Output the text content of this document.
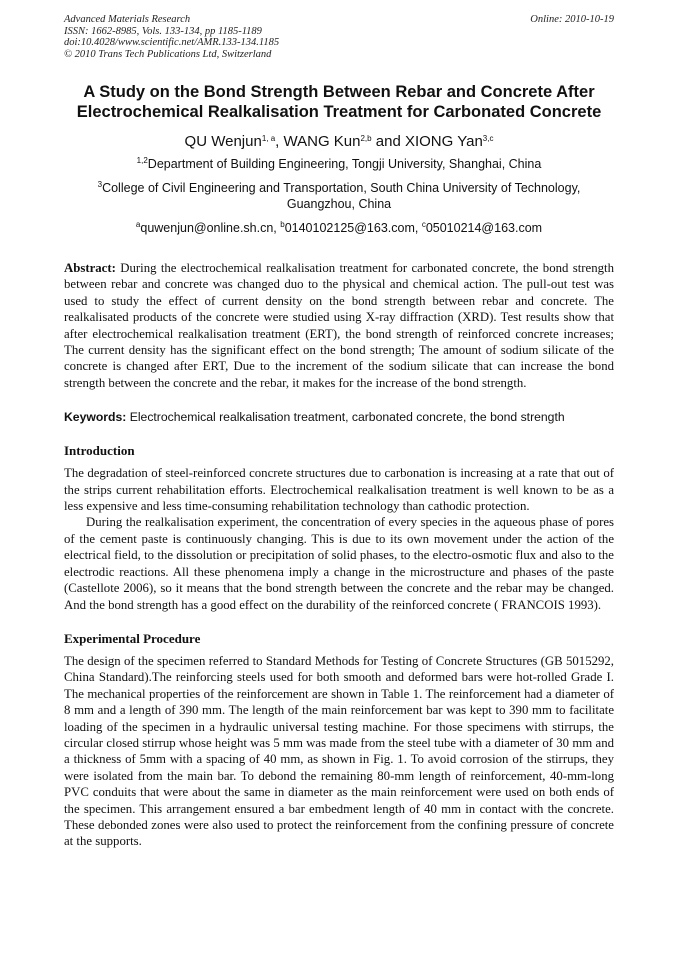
Advanced Materials Research
ISSN: 1662-8985, Vols. 133-134, pp 1185-1189
doi:10.4028/www.scientific.net/AMR.133-134.1185
© 2010 Trans Tech Publications Ltd, Switzerland
Online: 2010-10-19
A Study on the Bond Strength Between Rebar and Concrete After
Electrochemical Realkalisation Treatment for Carbonated Concrete
QU Wenjun$^{1, a}$, WANG Kun$^{2,b}$ and XIONG Yan$^{3,c}$
$^{1,2}$Department of Building Engineering, Tongji University, Shanghai, China
$^3$College of Civil Engineering and Transportation, South China University of Technology,
Guangzhou, China
$^a$quwenjun@online.sh.cn, $^b$0140102125@163.com, $^c$05010214@163.com
Abstract: During the electrochemical realkalisation treatment for carbonated concrete, the bond strength between rebar and concrete was changed duo to the physical and chemical action. The pull-out test was used to study the effect of current density on the bond strength between rebar and concrete. The realkalisated products of the concrete were studied using X-ray diffraction (XRD). Test results show that after electrochemical realkalisation treatment (ERT), the bond strength of reinforced concrete increases; The current density has the significant effect on the bond strength; The amount of sodium silicate of the concrete is changed after ERT, Due to the increment of the sodium silicate that can increase the bond strength between the concrete and the rebar, it makes for the increase of the bond strength.
Keywords: Electrochemical realkalisation treatment, carbonated concrete, the bond strength
Introduction
The degradation of steel-reinforced concrete structures due to carbonation is increasing at a rate that out of the strips current rehabilitation efforts. Electrochemical realkalisation treatment is well known to be as a less expensive and less time-consuming rehabilitation technology than cathodic protection.
During the realkalisation experiment, the concentration of every species in the aqueous phase of pores of the cement paste is continuously changing. This is due to its own movement under the action of the electrical field, to the dissolution or precipitation of solid phases, to the electro-osmotic flux and also to the electrodic reactions. All these phenomena imply a change in the microstructure and phases of the paste (Castellote 2006), so it means that the bond strength between the concrete and the rebar may be changed. And the bond strength has a good effect on the durability of the reinforced concrete ( FRANCOIS 1993).
Experimental Procedure
The design of the specimen referred to Standard Methods for Testing of Concrete Structures (GB 5015292, China Standard).The reinforcing steels used for both smooth and deformed bars were hot-rolled Grade I. The mechanical properties of the reinforcement are shown in Table 1. The reinforcement had a diameter of 8 mm and a length of 390 mm. The length of the main reinforcement bar was kept to 390 mm to facilitate loading of the specimen in a hydraulic universal testing machine. For those specimens with stirrups, the circular closed stirrup whose height was 5 mm was made from the steel tube with a diameter of 30 mm and a thickness of 5mm with a spacing of 40 mm, as shown in Fig. 1. To avoid corrosion of the stirrups, they were isolated from the main bar. To debond the remaining 80-mm length of reinforcement, 40-mm-long PVC conduits that were about the same in diameter as the main reinforcement were used on both ends of the specimen. This arrangement ensured a bar embedment length of 40 mm in contact with the concrete. These debonded zones were also used to protect the reinforcement from the confining pressure of concrete at the supports.
